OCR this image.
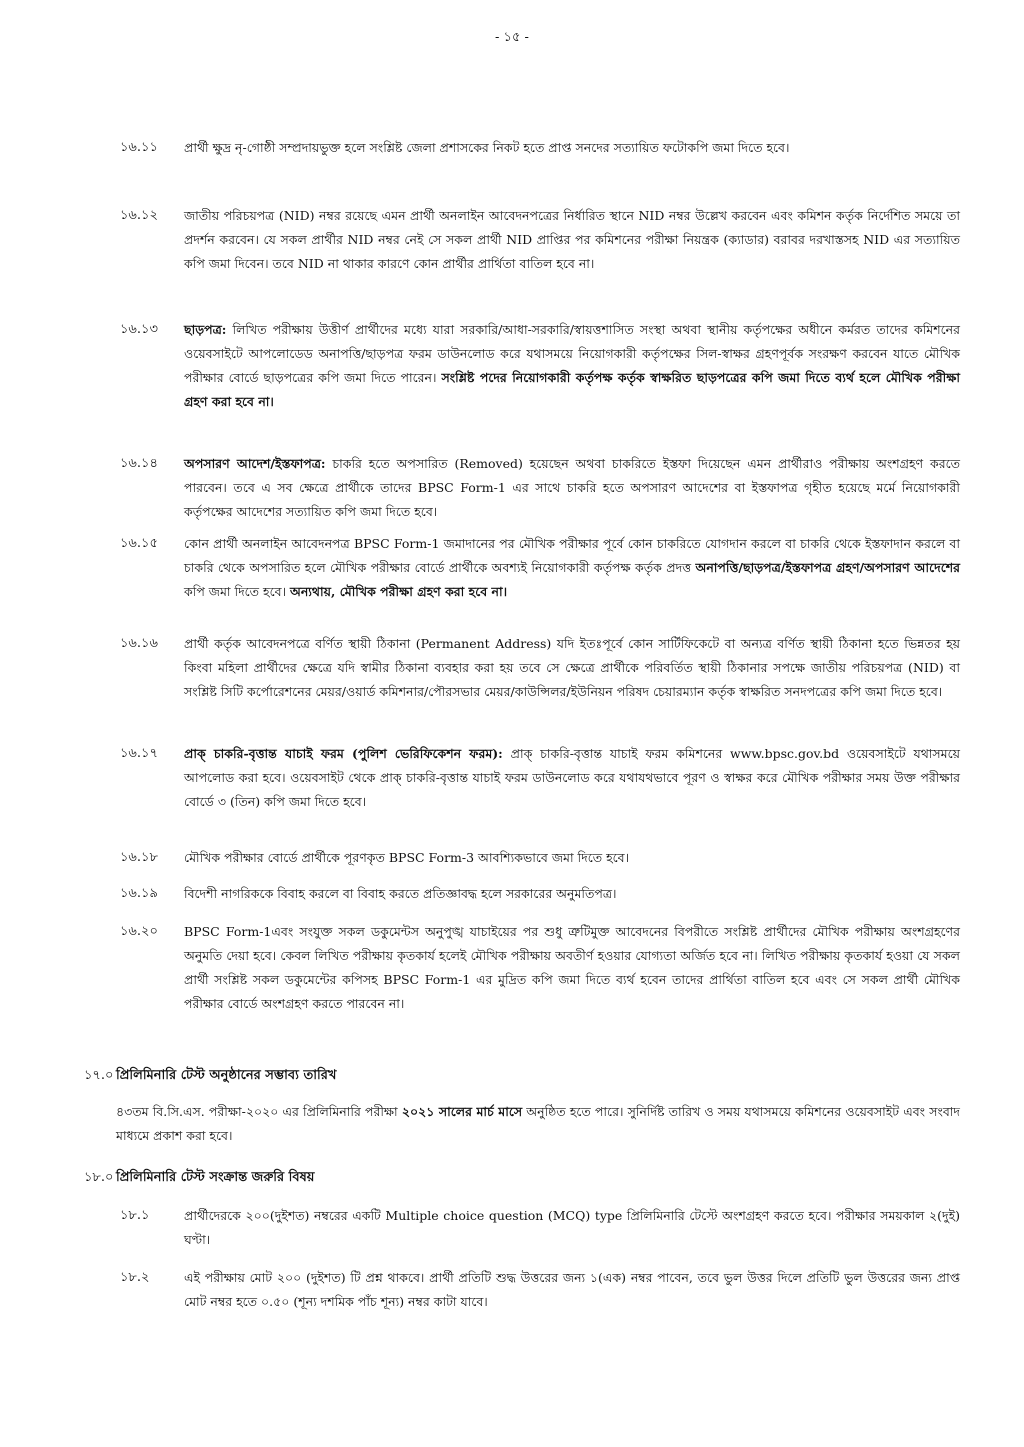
- ১৫ -
১৬.১১	প্রার্থী ক্ষুদ্র নৃ-গোষ্ঠী সম্প্রদায়ভুক্ত হলে সংশ্লিষ্ট জেলা প্রশাসকের নিকট হতে প্রাপ্ত সনদের সত্যায়িত ফটোকপি জমা দিতে হবে।
১৬.১২	জাতীয় পরিচয়পত্র (NID) নম্বর রয়েছে এমন প্রার্থী অনলাইন আবেদনপত্রের নির্ধারিত স্থানে NID নম্বর উল্লেখ করবেন এবং কমিশন কর্তৃক নির্দেশিত সময়ে তা প্রদর্শন করবেন। যে সকল প্রার্থীর NID নম্বর নেই সে সকল প্রার্থী NID প্রাপ্তির পর কমিশনের পরীক্ষা নিয়ন্ত্রক (ক্যাডার) বরাবর দরখাস্তসহ NID এর সত্যায়িত কপি জমা দিবেন। তবে NID না থাকার কারণে কোন প্রার্থীর প্রার্থিতা বাতিল হবে না।
১৬.১৩	ছাড়পত্র: লিখিত পরীক্ষায় উত্তীর্ণ প্রার্থীদের মধ্যে যারা সরকারি/আধা-সরকারি/স্বায়ত্তশাসিত সংস্থা অথবা স্থানীয় কর্তৃপক্ষের অধীনে কর্মরত তাদের কমিশনের ওয়েবসাইটে আপলোডেড অনাপত্তি/ছাড়পত্র ফরম ডাউনলোড করে যথাসময়ে নিয়োগকারী কর্তৃপক্ষের সিল-স্বাক্ষর গ্রহণপূর্বক সংরক্ষণ করবেন যাতে মৌখিক পরীক্ষার বোর্ডে ছাড়পত্রের কপি জমা দিতে পারেন। সংশ্লিষ্ট পদের নিয়োগকারী কর্তৃপক্ষ কর্তৃক স্বাক্ষরিত ছাড়পত্রের কপি জমা দিতে ব্যর্থ হলে মৌখিক পরীক্ষা গ্রহণ করা হবে না।
১৬.১৪	অপসারণ আদেশ/ইস্তফাপত্র: চাকরি হতে অপসারিত (Removed) হয়েছেন অথবা চাকরিতে ইস্তফা দিয়েছেন এমন প্রার্থীরাও পরীক্ষায় অংশগ্রহণ করতে পারবেন। তবে এ সব ক্ষেত্রে প্রার্থীকে তাদের BPSC Form-1 এর সাথে চাকরি হতে অপসারণ আদেশের বা ইস্তফাপত্র গৃহীত হয়েছে মর্মে নিয়োগকারী কর্তৃপক্ষের আদেশের সত্যায়িত কপি জমা দিতে হবে।
১৬.১৫	কোন প্রার্থী অনলাইন আবেদনপত্র BPSC Form-1 জমাদানের পর মৌখিক পরীক্ষার পূর্বে কোন চাকরিতে যোগদান করলে বা চাকরি থেকে ইস্তফাদান করলে বা চাকরি থেকে অপসারিত হলে মৌখিক পরীক্ষার বোর্ডে প্রার্থীকে অবশ্যই নিয়োগকারী কর্তৃপক্ষ কর্তৃক প্রদত্ত অনাপত্তি/ছাড়পত্র/ইস্তফাপত্র গ্রহণ/অপসারণ আদেশের কপি জমা দিতে হবে। অন্যথায়, মৌখিক পরীক্ষা গ্রহণ করা হবে না।
১৬.১৬	প্রার্থী কর্তৃক আবেদনপত্রে বর্ণিত স্থায়ী ঠিকানা (Permanent Address) যদি ইতঃপূর্বে কোন সার্টিফিকেটে বা অন্যত্র বর্ণিত স্থায়ী ঠিকানা হতে ভিন্নতর হয় কিংবা মহিলা প্রার্থীদের ক্ষেত্রে যদি স্বামীর ঠিকানা ব্যবহার করা হয় তবে সে ক্ষেত্রে প্রার্থীকে পরিবর্তিত স্থায়ী ঠিকানার সপক্ষে জাতীয় পরিচয়পত্র (NID) বা সংশ্লিষ্ট সিটি কর্পোরেশনের মেয়র/ওয়ার্ড কমিশনার/পৌরসভার মেয়র/কাউন্সিলর/ইউনিয়ন পরিষদ চেয়ারম্যান কর্তৃক স্বাক্ষরিত সনদপত্রের কপি জমা দিতে হবে।
১৬.১৭	প্রাক্ চাকরি-বৃত্তান্ত যাচাই ফরম (পুলিশ ভেরিফিকেশন ফরম): প্রাক্ চাকরি-বৃত্তান্ত যাচাই ফরম কমিশনের www.bpsc.gov.bd ওয়েবসাইটে যথাসময়ে আপলোড করা হবে। ওয়েবসাইট থেকে প্রাক্ চাকরি-বৃত্তান্ত যাচাই ফরম ডাউনলোড করে যথাযথভাবে পূরণ ও স্বাক্ষর করে মৌখিক পরীক্ষার সময় উক্ত পরীক্ষার বোর্ডে ৩ (তিন) কপি জমা দিতে হবে।
১৬.১৮	মৌখিক পরীক্ষার বোর্ডে প্রার্থীকে পূরণকৃত BPSC Form-3 আবশ্যিকভাবে জমা দিতে হবে।
১৬.১৯	বিদেশী নাগরিককে বিবাহ করলে বা বিবাহ করতে প্রতিজ্ঞাবদ্ধ হলে সরকারের অনুমতিপত্র।
১৬.২০	BPSC Form-1এবং সংযুক্ত সকল ডকুমেন্টস অনুপুঙ্খ যাচাইয়ের পর শুধু ত্রুটিমুক্ত আবেদনের বিপরীতে সংশ্লিষ্ট প্রার্থীদের মৌখিক পরীক্ষায় অংশগ্রহণের অনুমতি দেয়া হবে। কেবল লিখিত পরীক্ষায় কৃতকার্য হলেই মৌখিক পরীক্ষায় অবতীর্ণ হওয়ার যোগ্যতা অর্জিত হবে না। লিখিত পরীক্ষায় কৃতকার্য হওয়া যে সকল প্রার্থী সংশ্লিষ্ট সকল ডকুমেন্টের কপিসহ BPSC Form-1 এর মুদ্রিত কপি জমা দিতে ব্যর্থ হবেন তাদের প্রার্থিতা বাতিল হবে এবং সে সকল প্রার্থী মৌখিক পরীক্ষার বোর্ডে অংশগ্রহণ করতে পারবেন না।
১৭.০ প্রিলিমিনারি টেস্ট অনুষ্ঠানের সম্ভাব্য তারিখ
৪৩তম বি.সি.এস. পরীক্ষা-২০২০ এর প্রিলিমিনারি পরীক্ষা ২০২১ সালের মার্চ মাসে অনুষ্ঠিত হতে পারে। সুনির্দিষ্ট তারিখ ও সময় যথাসময়ে কমিশনের ওয়েবসাইট এবং সংবাদ মাধ্যমে প্রকাশ করা হবে।
১৮.০ প্রিলিমিনারি টেস্ট সংক্রান্ত জরুরি বিষয়
১৮.১	প্রার্থীদেরকে ২০০(দুইশত) নম্বরের একটি Multiple choice question (MCQ) type প্রিলিমিনারি টেস্টে অংশগ্রহণ করতে হবে। পরীক্ষার সময়কাল ২(দুই) ঘণ্টা।
১৮.২	এই পরীক্ষায় মোট ২০০ (দুইশত) টি প্রশ্ন থাকবে। প্রার্থী প্রতিটি শুদ্ধ উত্তরের জন্য ১(এক) নম্বর পাবেন, তবে ভুল উত্তর দিলে প্রতিটি ভুল উত্তরের জন্য প্রাপ্ত মোট নম্বর হতে ০.৫০ (শূন্য দশমিক পাঁচ শূন্য) নম্বর কাটা যাবে।
